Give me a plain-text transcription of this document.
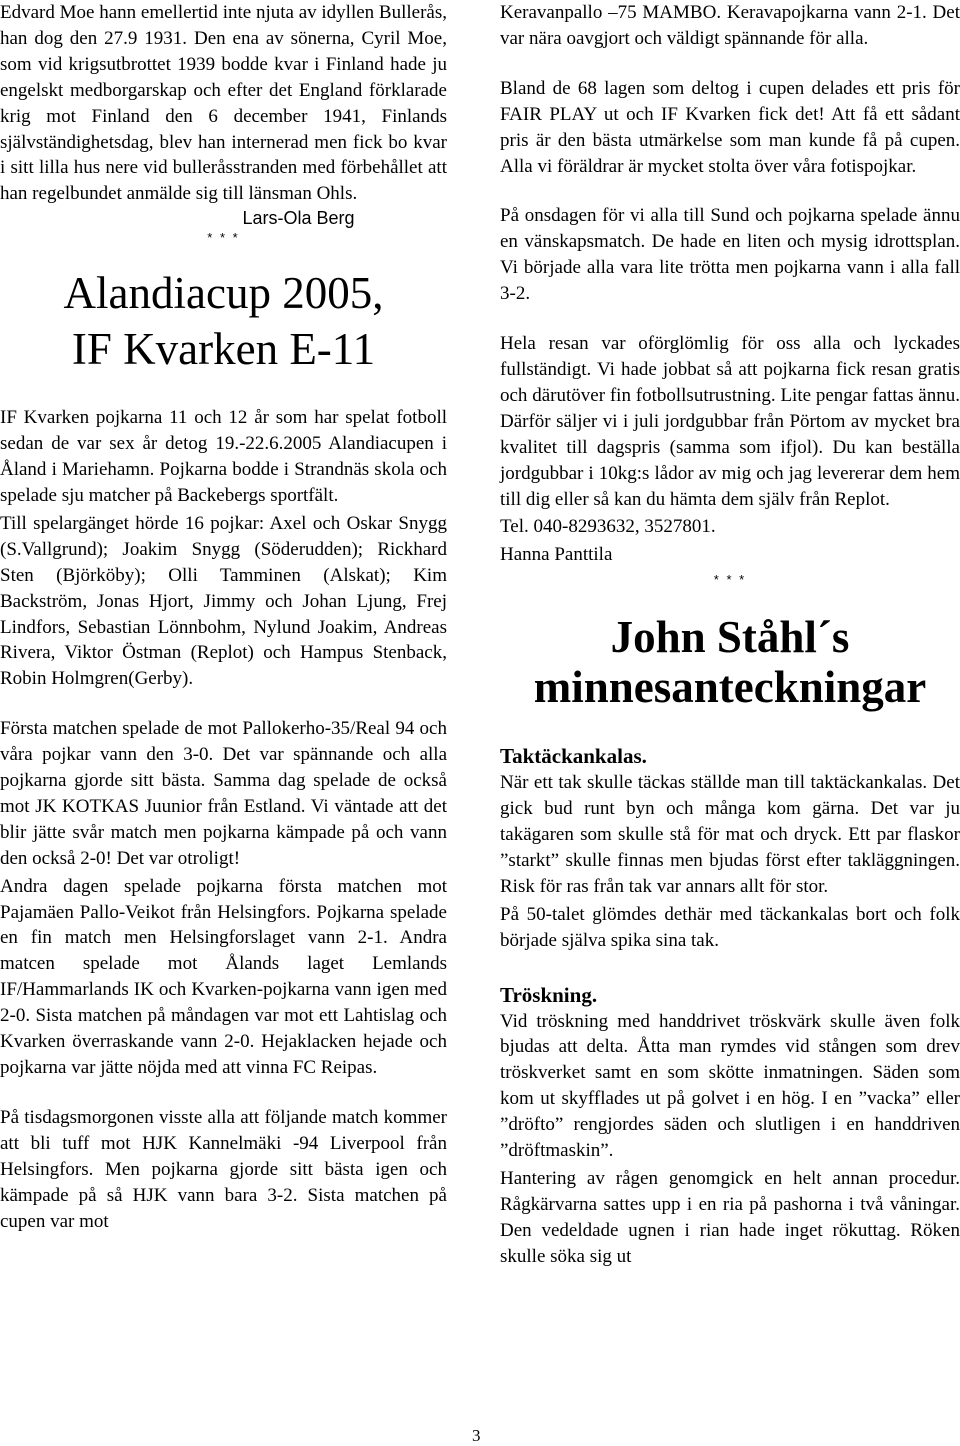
Edvard Moe hann emellertid inte njuta av idyllen Bullerås, han dog den 27.9 1931. Den ena av sönerna, Cyril Moe, som vid krigsutbrottet 1939 bodde kvar i Finland hade ju engelskt medborgarskap och efter det England förklarade krig mot Finland den 6 december 1941, Finlands självständighetsdag, blev han internerad men fick bo kvar i sitt lilla hus nere vid bulleråsstranden med förbehållet att han regelbundet anmälde sig till länsman Ohls.

Lars-Ola Berg
* * *
Alandiacup 2005,
IF Kvarken E-11

IF Kvarken pojkarna 11 och 12 år som har spelat fotboll sedan de var sex år detog 19.-22.6.2005 Alandiacupen i Åland i Mariehamn. Pojkarna bodde i Strandnäs skola och spelade sju matcher på Backebergs sportfält.

Till spelargänget hörde 16 pojkar: Axel och Oskar Snygg (S.Vallgrund); Joakim Snygg (Söderudden); Rickhard Sten (Björköby); Olli Tamminen (Alskat); Kim Backström, Jonas Hjort, Jimmy och Johan Ljung, Frej Lindfors, Sebastian Lönnbohm, Nylund Joakim, Andreas Rivera, Viktor Östman (Replot) och Hampus Stenback, Robin Holmgren(Gerby).

Första matchen spelade de mot Pallokerho-35/Real 94 och våra pojkar vann den 3-0. Det var spännande och alla pojkarna gjorde sitt bästa. Samma dag spelade de också mot JK KOTKAS Juunior från Estland. Vi väntade att det blir jätte svår match men pojkarna kämpade på och vann den också 2-0! Det var otroligt!

Andra dagen spelade pojkarna första matchen mot Pajamäen Pallo-Veikot från Helsingfors. Pojkarna spelade en fin match men Helsingforslaget vann 2-1. Andra matcen spelade mot Ålands laget Lemlands IF/Hammarlands IK och Kvarken-pojkarna vann igen med 2-0. Sista matchen på måndagen var mot ett Lahtislag och Kvarken överraskande vann 2-0. Hejaklacken hejade och pojkarna var jätte nöjda med att vinna FC Reipas.

På tisdagsmorgonen visste alla att följande match kommer att bli tuff mot HJK Kannelmäki -94 Liverpool från Helsingfors. Men pojkarna gjorde sitt bästa igen och kämpade på så HJK vann bara 3-2. Sista matchen på cupen var mot

Keravanpallo –75 MAMBO. Keravapojkarna vann 2-1. Det var nära oavgjort och väldigt spännande för alla.

Bland de 68 lagen som deltog i cupen delades ett pris för FAIR PLAY ut och IF Kvarken fick det! Att få ett sådant pris är den bästa utmärkelse som man kunde få på cupen. Alla vi föräldrar är mycket stolta över våra fotispojkar.

På onsdagen för vi alla till Sund och pojkarna spelade ännu en vänskapsmatch. De hade en liten och mysig idrottsplan. Vi började alla vara lite trötta men pojkarna vann i alla fall 3-2.

Hela resan var oförglömlig för oss alla och lyckades fullständigt. Vi hade jobbat så att pojkarna fick resan gratis och därutöver fin fotbollsutrustning. Lite pengar fattas ännu. Därför säljer vi i juli jordgubbar från Pörtom av mycket bra kvalitet till dagspris (samma som ifjol). Du kan beställa jordgubbar i 10kg:s lådor av mig och jag levererar dem hem till dig eller så kan du hämta dem själv från Replot.

Tel. 040-8293632, 3527801.

Hanna Panttila

* * *
John Ståhl´s
minnesanteckningar
Taktäckankalas.

När ett tak skulle täckas ställde man till taktäckankalas. Det gick bud runt byn och många kom gärna. Det var ju takägaren som skulle stå för mat och dryck. Ett par flaskor ”starkt” skulle finnas men bjudas först efter takläggningen. Risk för ras från tak var annars allt för stor.

På 50-talet glömdes dethär med täckankalas bort och folk började själva spika sina tak.

Tröskning.

Vid tröskning med handdrivet tröskvärk skulle även folk bjudas att delta. Åtta man rymdes vid stången som drev tröskverket samt en som skötte inmatningen. Säden som kom ut skyfflades ut på golvet i en hög. I en ”vacka” eller ”dröfto” rengjordes säden och slutligen i en handdriven ”dröftmaskin”.

Hantering av rågen genomgick en helt annan procedur. Rågkärvarna sattes upp i en ria på pashorna i två våningar. Den vedeldade ugnen i rian hade inget rökuttag. Röken skulle söka sig ut

3
